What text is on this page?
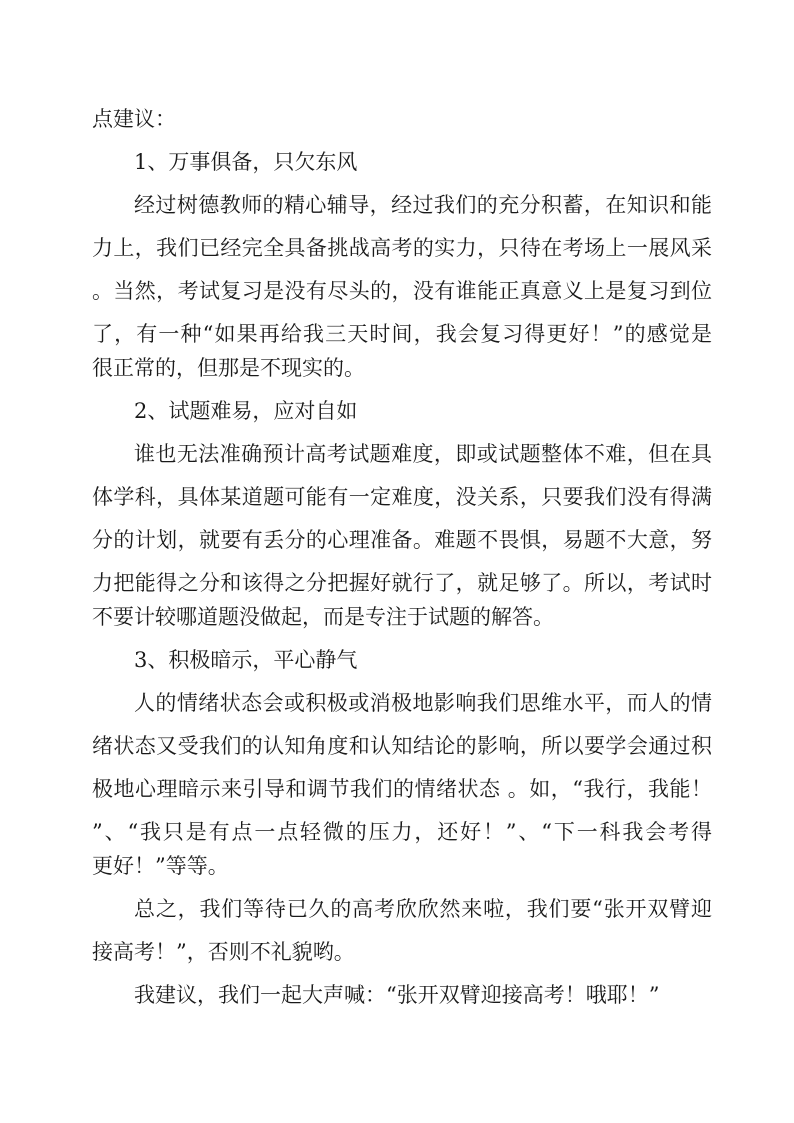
点建议：
1、万事俱备，只欠东风
经过树德教师的精心辅导，经过我们的充分积蓄，在知识和能
力上，我们已经完全具备挑战高考的实力，只待在考场上一展风采
。当然，考试复习是没有尽头的，没有谁能正真意义上是复习到位
了，有一种“如果再给我三天时间，我会复习得更好！”的感觉是
很正常的，但那是不现实的。
2、试题难易，应对自如
谁也无法准确预计高考试题难度，即或试题整体不难，但在具
体学科，具体某道题可能有一定难度，没关系，只要我们没有得满
分的计划，就要有丢分的心理准备。难题不畏惧，易题不大意，努
力把能得之分和该得之分把握好就行了，就足够了。所以，考试时
不要计较哪道题没做起，而是专注于试题的解答。
3、积极暗示，平心静气
人的情绪状态会或积极或消极地影响我们思维水平，而人的情
绪状态又受我们的认知角度和认知结论的影响，所以要学会通过积
极地心理暗示来引导和调节我们的情绪状态 。如，“我行，我能！
”、“我只是有点一点轻微的压力，还好！”、“下一科我会考得
更好！”等等。
总之，我们等待已久的高考欣欣然来啦，我们要“张开双臂迎
接高考！”，否则不礼貌哟。
我建议，我们一起大声喊：“张开双臂迎接高考！哦耶！”
